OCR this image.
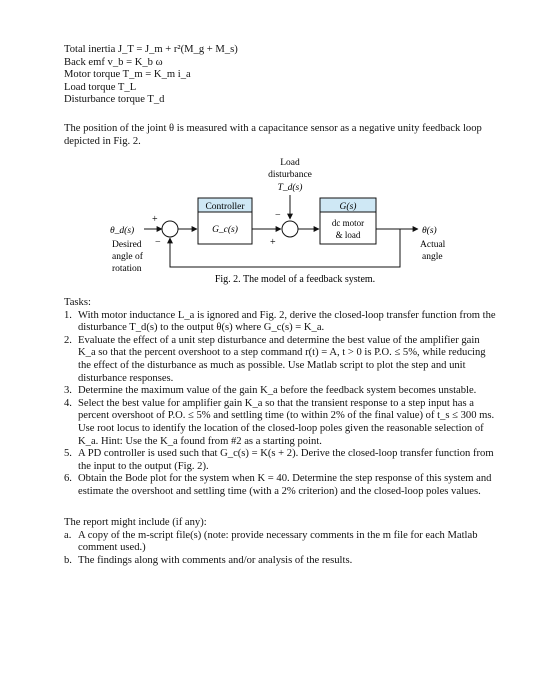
Total inertia J_T = J_m + r²(M_g + M_s)
Back emf v_b = K_b ω
Motor torque T_m = K_m i_a
Load torque T_L
Disturbance torque T_d
The position of the joint θ is measured with a capacitance sensor as a negative unity feedback loop depicted in Fig. 2.
Load
disturbance
T_d(s)
θ_d(s)
Desired
angle of
rotation
+
−
Controller
G_c(s)
−
+
G(s)
dc motor
& load	θ(s)
Actual
angle
Fig. 2. The model of a feedback system.
Tasks:
1. With motor inductance L_a is ignored and Fig. 2, derive the closed-loop transfer function from the disturbance T_d(s) to the output θ(s) where G_c(s) = K_a.
2. Evaluate the effect of a unit step disturbance and determine the best value of the amplifier gain K_a so that the percent overshoot to a step command r(t) = A, t > 0 is P.O. ≤ 5%, while reducing the effect of the disturbance as much as possible. Use Matlab script to plot the step and unit disturbance responses.
3. Determine the maximum value of the gain K_a before the feedback system becomes unstable.
4. Select the best value for amplifier gain K_a so that the transient response to a step input has a percent overshoot of P.O. ≤ 5% and settling time (to within 2% of the final value) of t_s ≤ 300 ms. Use root locus to identify the location of the closed-loop poles given the reasonable selection of K_a. Hint: Use the K_a found from #2 as a starting point.
5. A PD controller is used such that G_c(s) = K(s + 2). Derive the closed-loop transfer function from the input to the output (Fig. 2).
6. Obtain the Bode plot for the system when K = 40. Determine the step response of this system and estimate the overshoot and settling time (with a 2% criterion) and the closed-loop poles values.
The report might include (if any):
a. A copy of the m-script file(s) (note: provide necessary comments in the m file for each Matlab comment used.)
b. The findings along with comments and/or analysis of the results.
